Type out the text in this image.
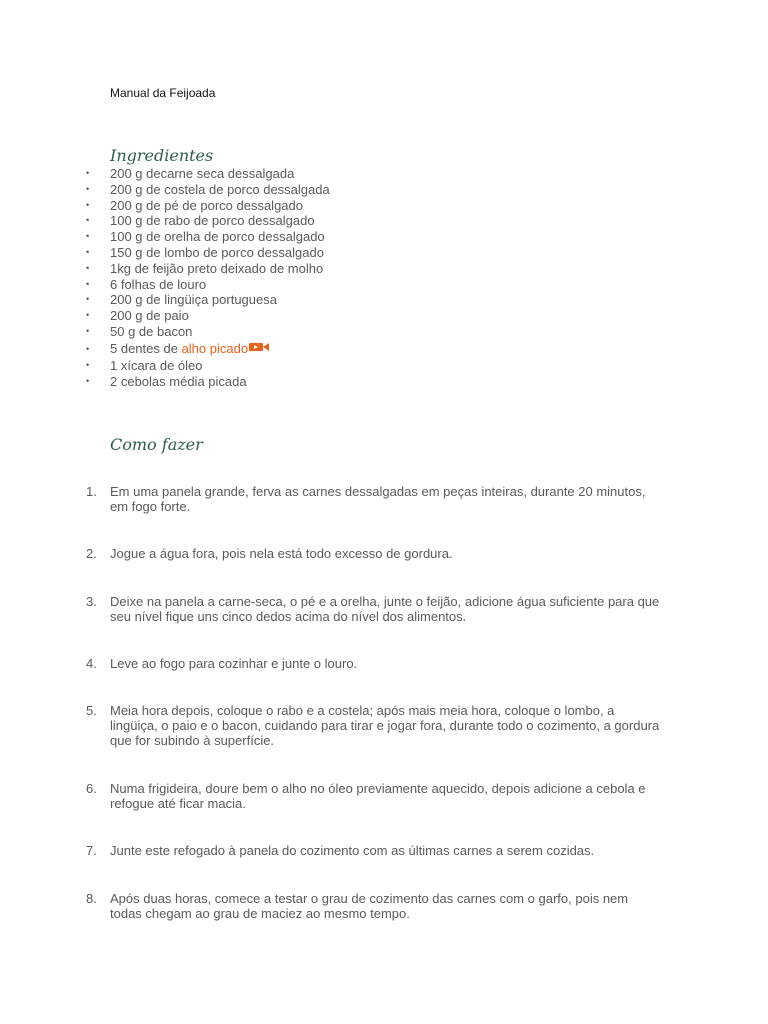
Manual da Feijoada
Ingredientes
• 200 g decarne seca dessalgada
• 200 g de costela de porco dessalgada
• 200 g de pé de porco dessalgado
• 100 g de rabo de porco dessalgado
• 100 g de orelha de porco dessalgado
• 150 g de lombo de porco dessalgado
• 1kg de feijão preto deixado de molho
• 6 folhas de louro
• 200 g de lingüiça portuguesa
• 200 g de paio
• 50 g de bacon
• 5 dentes de alho picado
• 1 xícara de óleo
• 2 cebolas média picada
Como fazer
1.	Em uma panela grande, ferva as carnes dessalgadas em peças inteiras, durante 20 minutos, em fogo forte.
2.	Jogue a água fora, pois nela está todo excesso de gordura.
3.	Deixe na panela a carne-seca, o pé e a orelha, junte o feijão, adicione água suficiente para que seu nível fique uns cinco dedos acima do nível dos alimentos.
4.	Leve ao fogo para cozinhar e junte o louro.
5.	Meia hora depois, coloque o rabo e a costela; após mais meia hora, coloque o lombo, a lingüiça, o paio e o bacon, cuidando para tirar e jogar fora, durante todo o cozimento, a gordura que for subindo à superfície.
6.	Numa frigideira, doure bem o alho no óleo previamente aquecido, depois adicione a cebola e refogue até ficar macia.
7.	Junte este refogado à panela do cozimento com as últimas carnes a serem cozidas.
8.	Após duas horas, comece a testar o grau de cozimento das carnes com o garfo, pois nem todas chegam ao grau de maciez ao mesmo tempo.
